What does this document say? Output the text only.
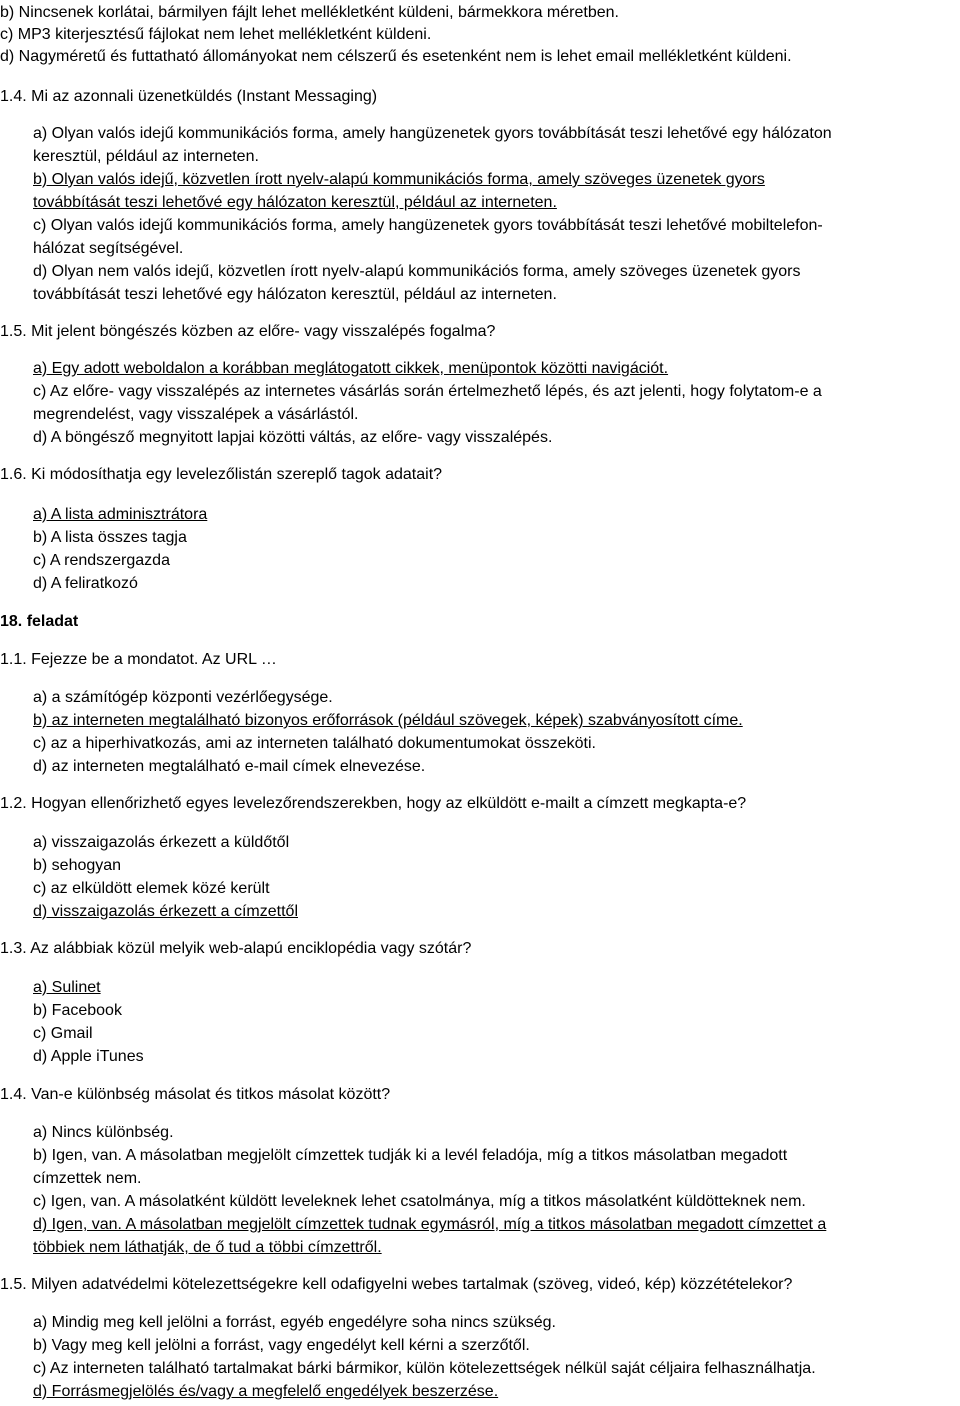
b) Nincsenek korlátai, bármilyen fájlt lehet mellékletként küldeni, bármekkora méretben.
c) MP3 kiterjesztésű fájlokat nem lehet mellékletként küldeni.
d) Nagyméretű és futtatható állományokat nem célszerű és esetenként nem is lehet email mellékletként küldeni.
1.4. Mi az azonnali üzenetküldés (Instant Messaging)
a) Olyan valós idejű kommunikációs forma, amely hangüzenetek gyors továbbítását teszi lehetővé egy hálózaton
keresztül, például az interneten.
b) Olyan valós idejű, közvetlen írott nyelv-alapú kommunikációs forma, amely szöveges üzenetek gyors
továbbítását teszi lehetővé egy hálózaton keresztül, például az interneten.
c) Olyan valós idejű kommunikációs forma, amely hangüzenetek gyors továbbítását teszi lehetővé mobiltelefon-
hálózat segítségével.
d) Olyan nem valós idejű, közvetlen írott nyelv-alapú kommunikációs forma, amely szöveges üzenetek gyors
továbbítását teszi lehetővé egy hálózaton keresztül, például az interneten.
1.5. Mit jelent böngészés közben az előre- vagy visszalépés fogalma?
a) Egy adott weboldalon a korábban meglátogatott cikkek, menüpontok közötti navigációt.
c) Az előre- vagy visszalépés az internetes vásárlás során értelmezhető lépés, és azt jelenti, hogy folytatom-e a
megrendelést, vagy visszalépek a vásárlástól.
d) A böngésző megnyitott lapjai közötti váltás, az előre- vagy visszalépés.
1.6. Ki módosíthatja egy levelezőlistán szereplő tagok adatait?
a) A lista adminisztrátora
b) A lista összes tagja
c) A rendszergazda
d) A feliratkozó
18. feladat
1.1. Fejezze be a mondatot. Az URL …
a) a számítógép központi vezérlőegysége.
b) az interneten megtalálható bizonyos erőforrások (például szövegek, képek) szabványosított címe.
c) az a hiperhivatkozás, ami az interneten található dokumentumokat összeköti.
d) az interneten megtalálható e-mail címek elnevezése.
1.2. Hogyan ellenőrizhető egyes levelezőrendszerekben, hogy az elküldött e-mailt a címzett megkapta-e?
a) visszaigazolás érkezett a küldőtől
b) sehogyan
c) az elküldött elemek közé került
d) visszaigazolás érkezett a címzettől
1.3. Az alábbiak közül melyik web-alapú enciklopédia vagy szótár?
a) Sulinet
b) Facebook
c) Gmail
d) Apple iTunes
1.4. Van-e különbség másolat és titkos másolat között?
a) Nincs különbség.
b) Igen, van. A másolatban megjelölt címzettek tudják ki a levél feladója, míg a titkos másolatban megadott
címzettek nem.
c) Igen, van. A másolatként küldött leveleknek lehet csatolmánya, míg a titkos másolatként küldötteknek nem.
d) Igen, van. A másolatban megjelölt címzettek tudnak egymásról, míg a titkos másolatban megadott címzettet a
többiek nem láthatják, de ő tud a többi címzettről.
1.5. Milyen adatvédelmi kötelezettségekre kell odafigyelni webes tartalmak (szöveg, videó, kép) közzétételekor?
a) Mindig meg kell jelölni a forrást, egyéb engedélyre soha nincs szükség.
b) Vagy meg kell jelölni a forrást, vagy engedélyt kell kérni a szerzőtől.
c) Az interneten található tartalmakat bárki bármikor, külön kötelezettségek nélkül saját céljaira felhasználhatja.
d) Forrásmegjelölés és/vagy a megfelelő engedélyek beszerzése.
